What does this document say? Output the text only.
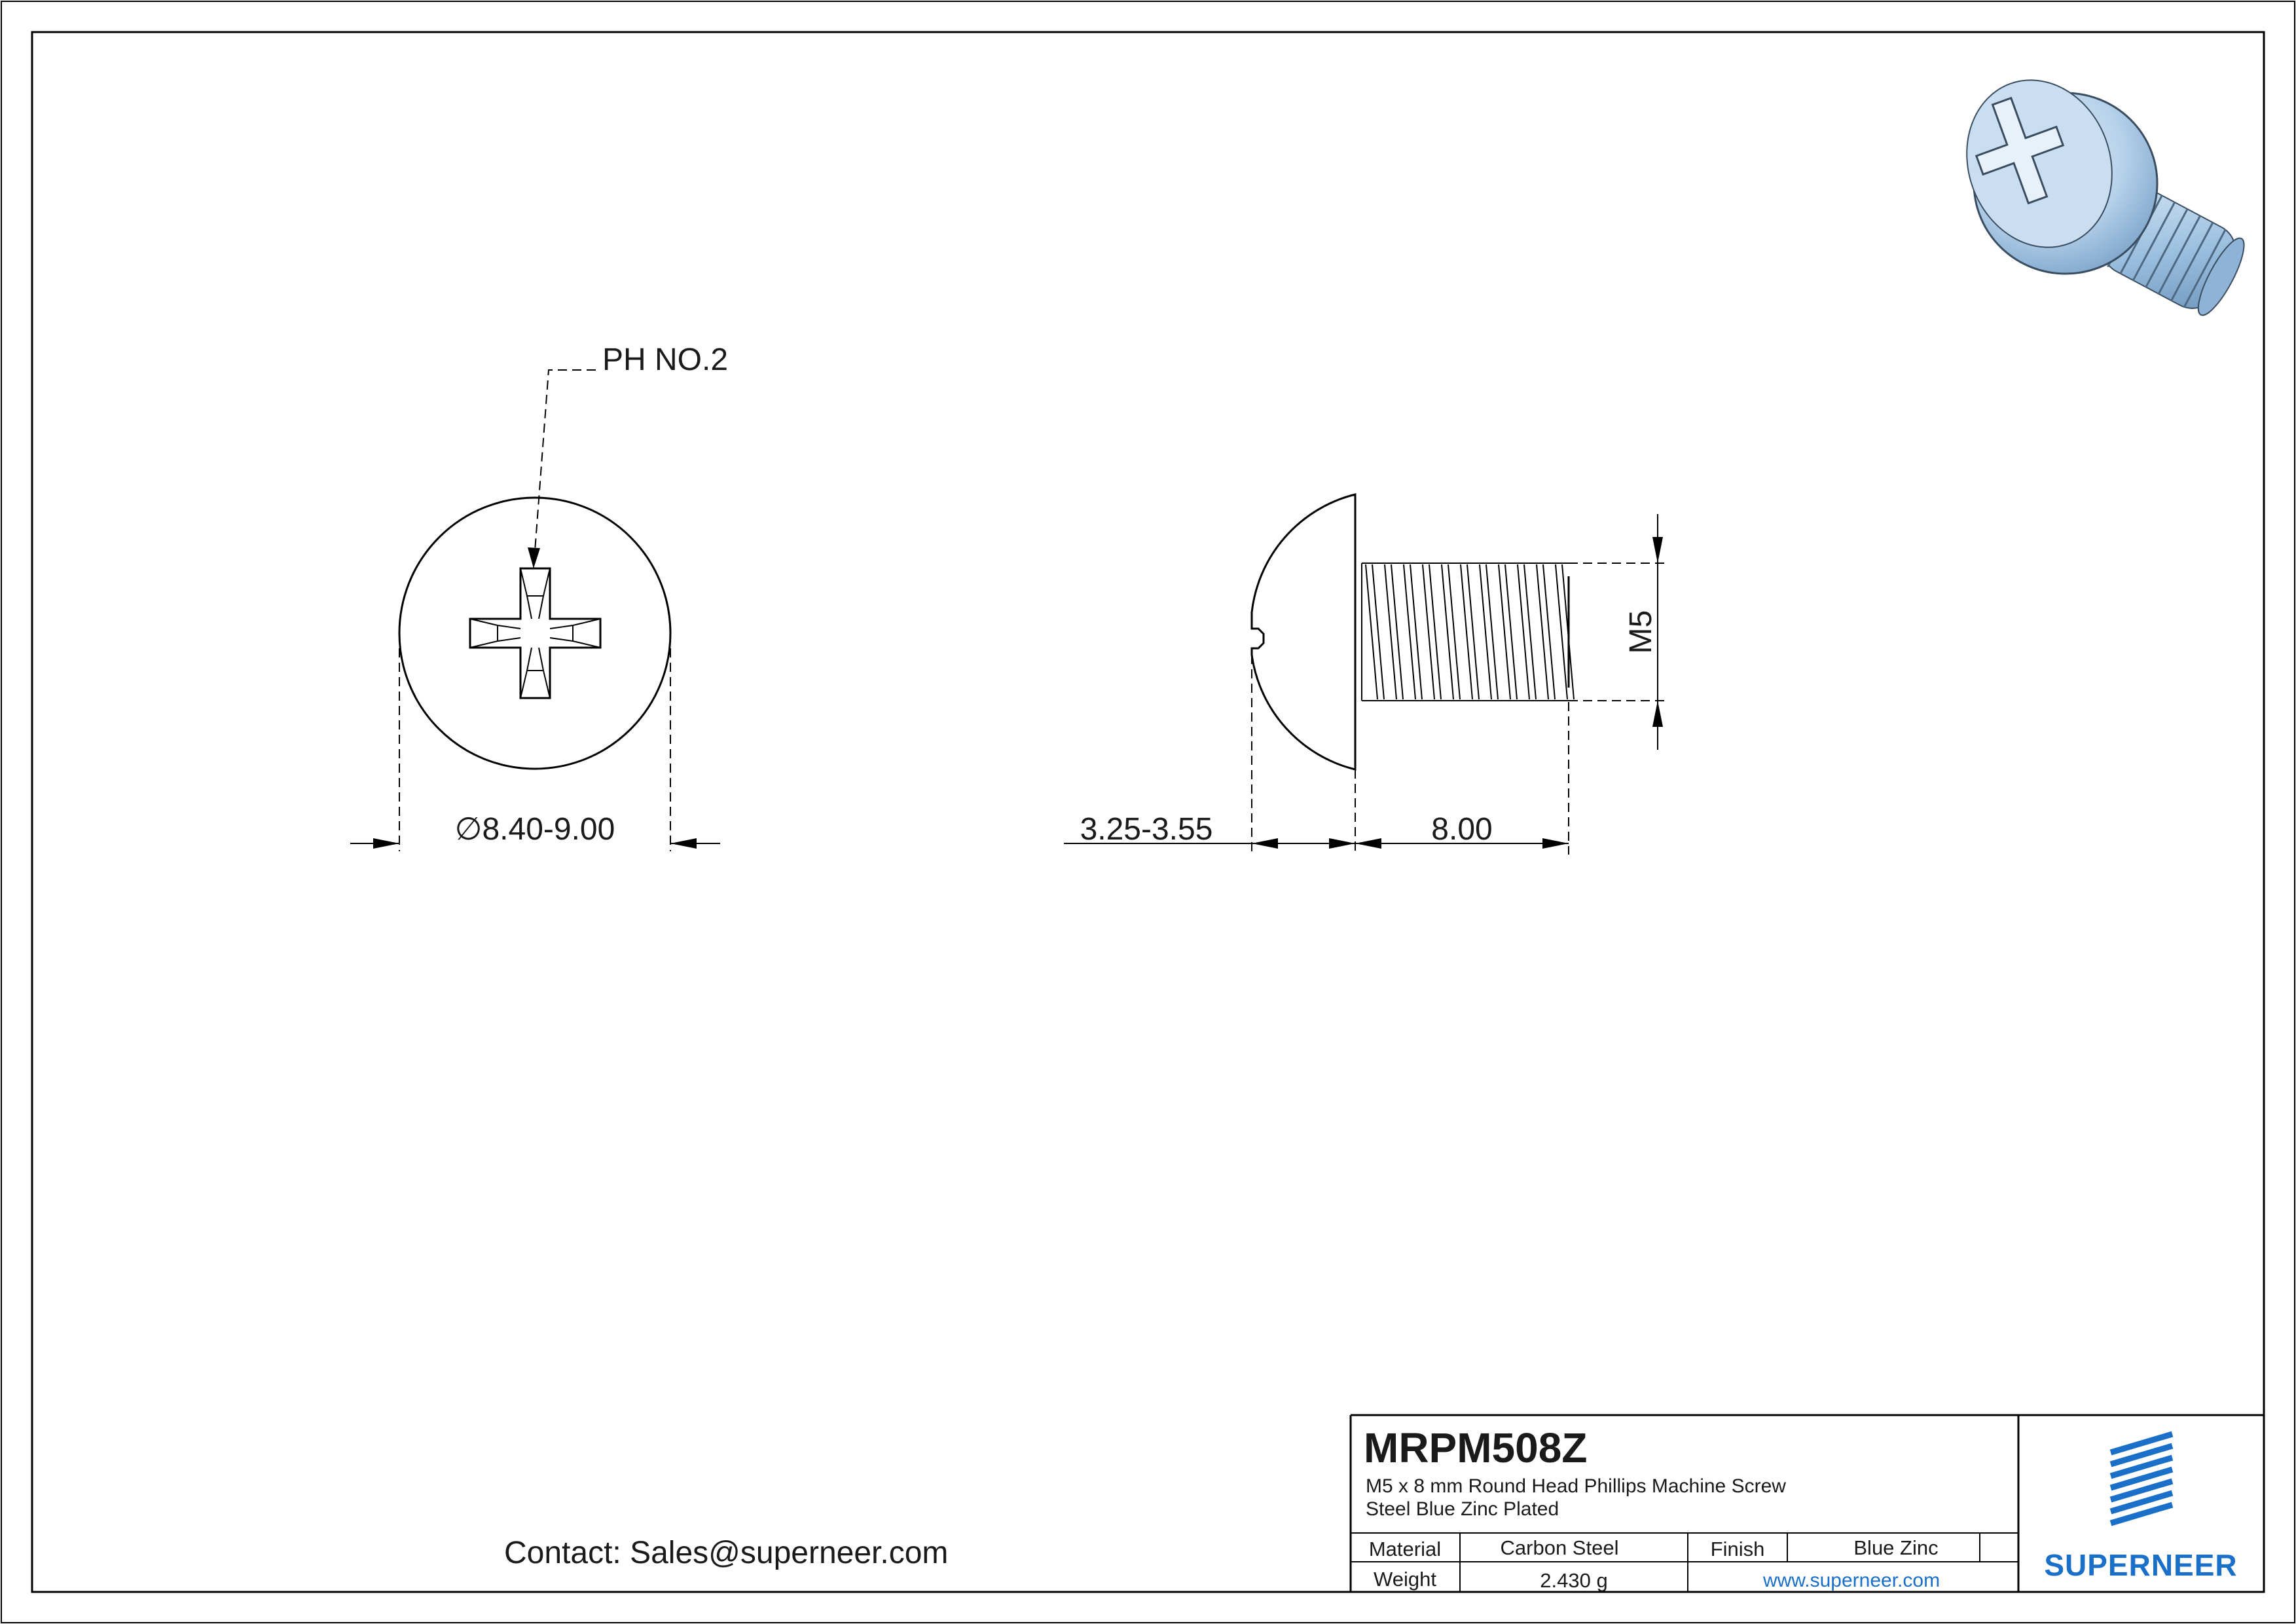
PH NO.2
∅8.40-9.00	3.25-3.55	8.00
M5
Contact: Sales@superneer.com
MRPM508Z
M5 x 8 mm Round Head Phillips Machine Screw
Steel Blue Zinc Plated
Material	Carbon Steel	Finish	Blue Zinc
Weight	2.430 g	www.superneer.com	SUPERNEER
